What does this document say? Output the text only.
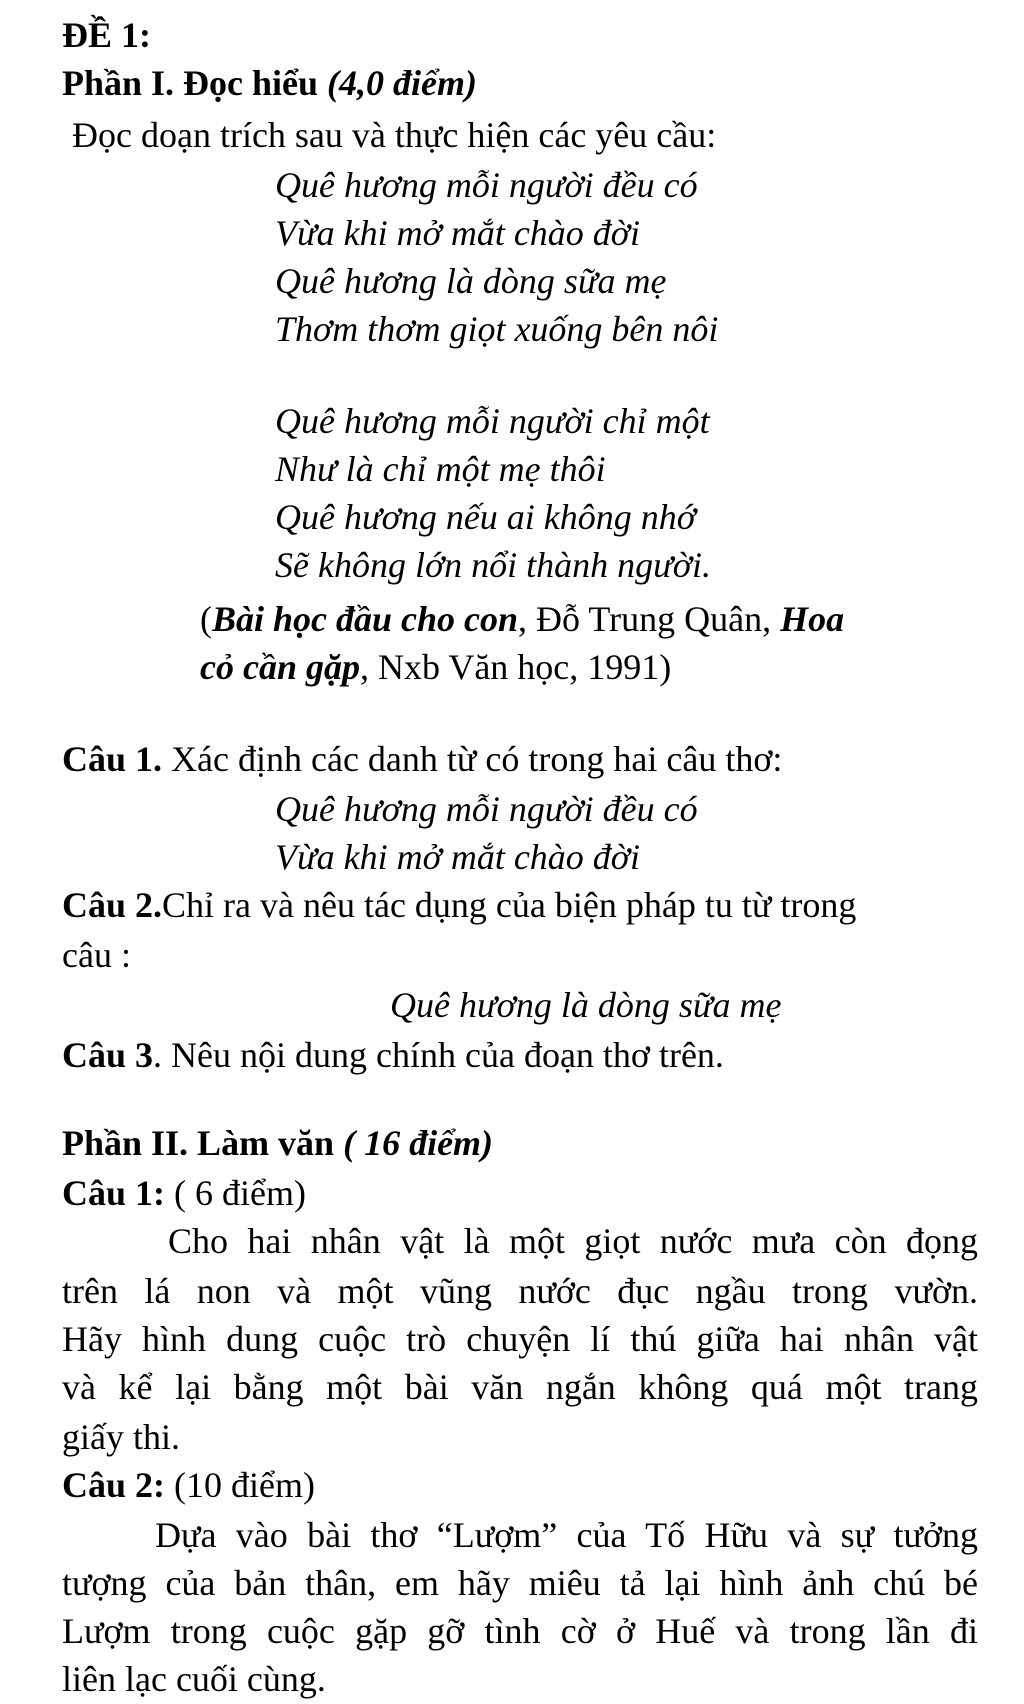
ĐỀ 1:
Phần I. Đọc hiểu (4,0 điểm)
Đọc doạn trích sau và thực hiện các yêu cầu:
Quê hương mỗi người đều có
Vừa khi mở mắt chào đời
Quê hương là dòng sữa mẹ
Thơm thơm giọt xuống bên nôi
Quê hương mỗi người chỉ một
Như là chỉ một mẹ thôi
Quê hương nếu ai không nhớ
Sẽ không lớn nổi thành người.
(Bài học đầu cho con, Đỗ Trung Quân, Hoa
cỏ cần gặp, Nxb Văn học, 1991)
Câu 1. Xác định các danh từ có trong hai câu thơ:
Quê hương mỗi người đều có
Vừa khi mở mắt chào đời
Câu 2.Chỉ ra và nêu tác dụng của biện pháp tu từ trong
câu :
Quê hương là dòng sữa mẹ
Câu 3. Nêu nội dung chính của đoạn thơ trên.
Phần II. Làm văn ( 16 điểm)
Câu 1: ( 6 điểm)
Cho hai nhân vật là một giọt nước mưa còn đọng
trên lá non và một vũng nước đục ngầu trong vườn.
Hãy hình dung cuộc trò chuyện lí thú giữa hai nhân vật
và kể lại bằng một bài văn ngắn không quá một trang
giấy thi.
Câu 2: (10 điểm)
Dựa vào bài thơ “Lượm” của Tố Hữu và sự tưởng
tượng của bản thân, em hãy miêu tả lại hình ảnh chú bé
Lượm trong cuộc gặp gỡ tình cờ ở Huế và trong lần đi
liên lạc cuối cùng.
